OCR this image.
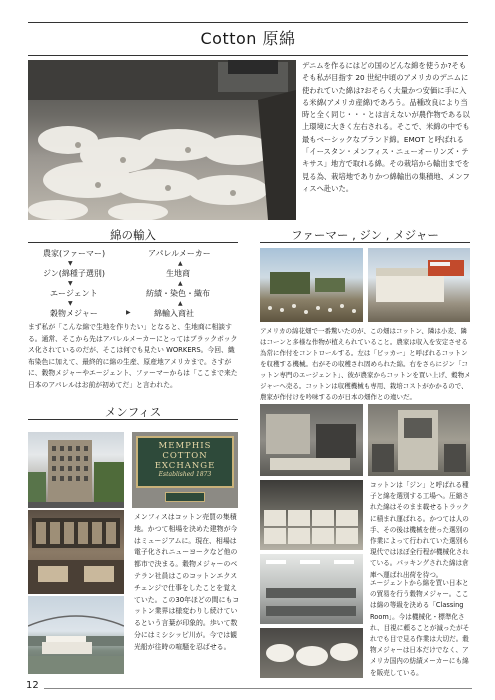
Cotton 原綿
デニムを作るにはどの国のどんな綿を使うか?そもそも私が目指す 20 世紀中頃のアメリカのデニムに使われていた綿は?おそらく大量かつ安価に手に入る米綿(アメリカ産綿)であろう。品種改良により当時と全く同じ・・・とは言えないが農作物である以上環境に大きく左右される。そこで、米綿の中でも最もベーシックなブランド綿。EMOT と呼ばれる「イースタン・メンフィス・ニューオーリンズ・テキサス」地方で取れる綿。その栽培から輸出までを見る為、栽培地でありかつ綿輸出の集積地、メンフィスへ赴いた。
綿の輸入
農家(ファーマー)
▼
ジン(綿種子選別)
▼
エージェント
▼
穀物メジャー	▶
アパレルメーカー
▲
生地商
▲
紡績・染色・織布
▲
綿輸入商社
まず私が「こんな綿で生地を作りたい」となると、生地商に相談する。通常、そこから先はアパレルメーカーにとってはブラックボックス化されているのだが、そこは何でも見たい WORKERS。今回、織布染色に加えて、最終的に綿の生産、原産地アメリカまで。さすがに、穀物メジャーやエージェント、ファーマーからは「ここまで来た日本のアパレルはお前が初めてだ」と言われた。
メンフィス
MEMPHIS
COTTON
EXCHANGE
Established 1873
メンフィスはコットン売買の集積地。かつて相場を決めた建物が今はミュージアムに。現在、相場は電子化されニューヨークなど他の都市で決まる。穀物メジャーのベテラン社員はこのコットンエクスチェンジで仕事をしたことを覚えていた。この30年ほどの間にもコットン業界は様変わりし続けているという言葉が印象的。歩いて数分にはミシシッピ川が。今では観光船が往時の喧騒を忍ばせる。
ファーマー , ジン , メジャー
アメリカの綿花畑で一番驚いたのが、この畑はコットン、隣は小麦、隣はコーンと多様な作物が植えられていること。農家は収入を安定させる為常に作付をコントロールする。左は「ピッカー」と呼ばれるコットンを収穫する機械。右がその収穫され固められた綿。右をさらにジン「コットン専門のエージェント」、彼が農家からコットンを買い上げ、穀物メジャーへ売る。コットンは収穫機械も専用、栽培コストがかかるので、農家が作付けを吟味するのが日本の畑作との違いだ。
コットンは「ジン」と呼ばれる種子と綿を選別する工場へ。圧縮された綿はそのまま載せるトラックに積まれ運ばれる。かつては人の手、その後は機械を使った選別の作業によって行われていた選別も現代ではほぼ全行程が機械化されている。パッキングされた綿は倉庫へ運ばれ出荷を待つ。
エージェントから綿を買い日本との貿易を行う穀物メジャー。ここは綿の等級を決める「Classing Room」。今は機械化・標準化され、目視に頼ることが減ったがそれでも目で見る作業は大切だ。穀物メジャーは日本だけでなく、アメリカ国内の紡績メーカーにも綿を販売している。
12
